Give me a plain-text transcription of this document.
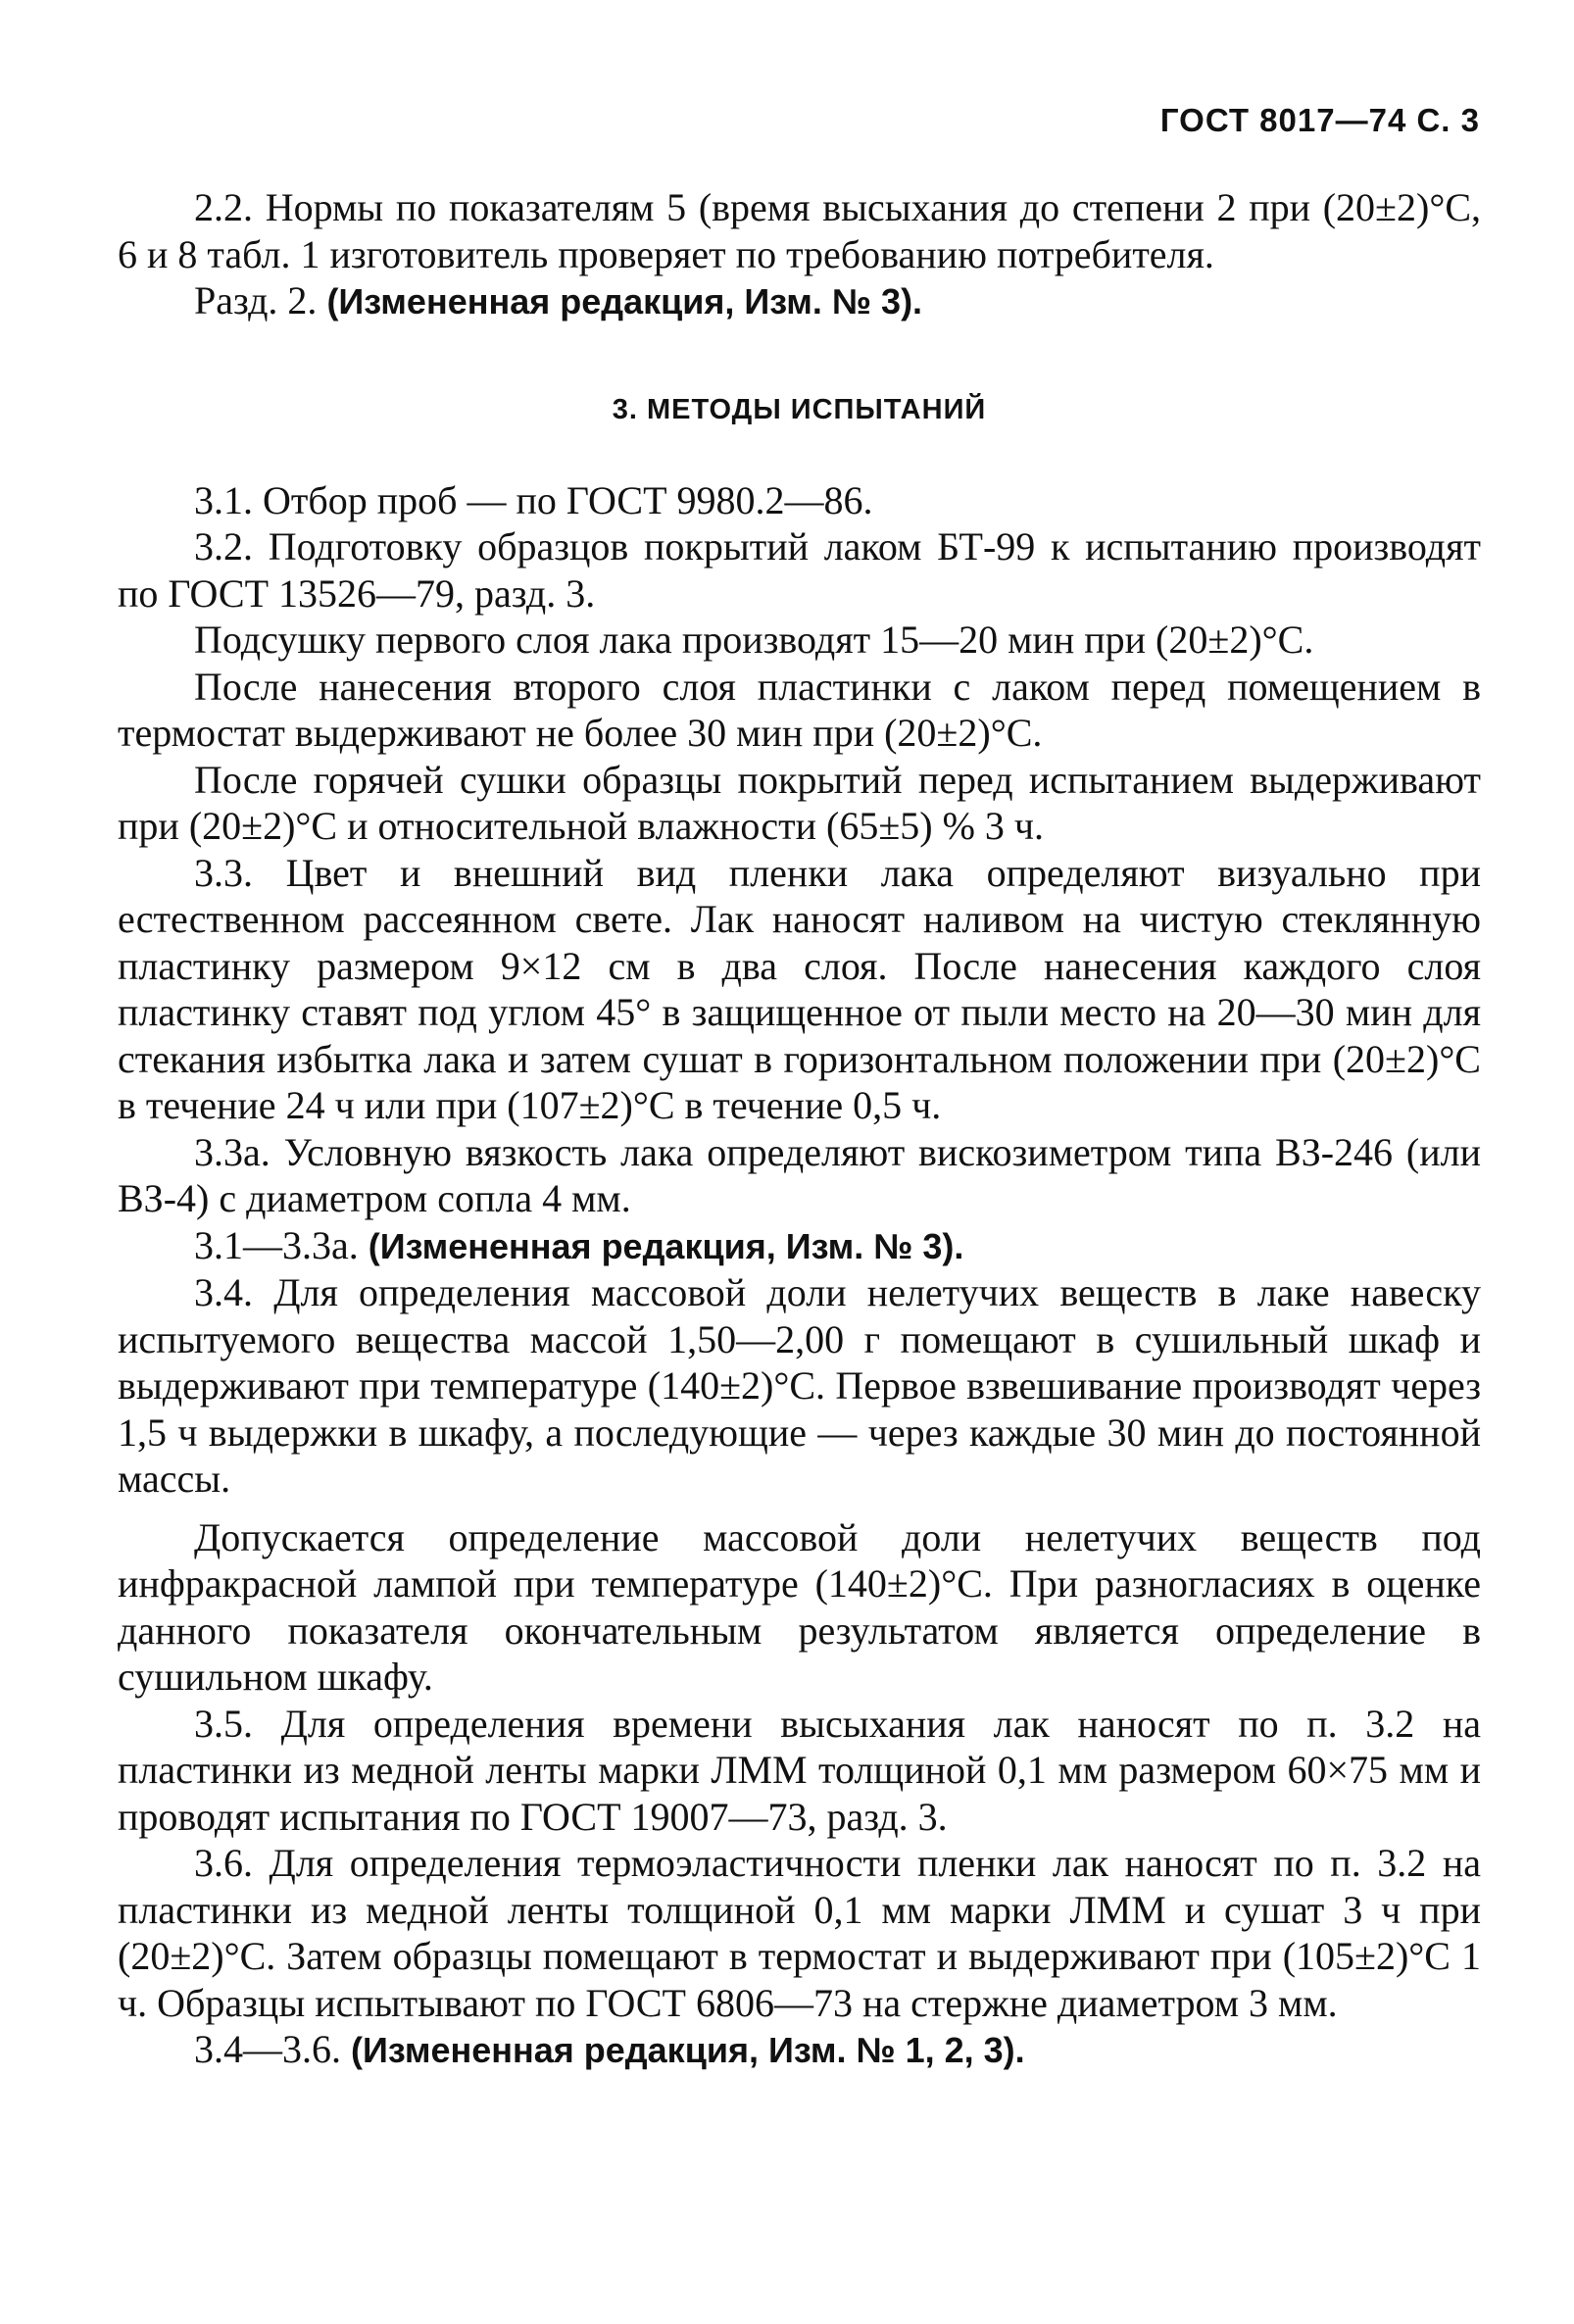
ГОСТ 8017—74 С. 3

2.2. Нормы по показателям 5 (время высыхания до степени 2 при (20±2)°С, 6 и 8 табл. 1 изготовитель проверяет по требованию потребителя.

Разд. 2. (Измененная редакция, Изм. № 3).

3. МЕТОДЫ ИСПЫТАНИЙ

3.1. Отбор проб — по ГОСТ 9980.2—86.

3.2. Подготовку образцов покрытий лаком БТ-99 к испытанию производят по ГОСТ 13526—79, разд. 3.

Подсушку первого слоя лака производят 15—20 мин при (20±2)°С.

После нанесения второго слоя пластинки с лаком перед помещением в термостат выдерживают не более 30 мин при (20±2)°С.

После горячей сушки образцы покрытий перед испытанием выдерживают при (20±2)°С и относительной влажности (65±5) % 3 ч.

3.3. Цвет и внешний вид пленки лака определяют визуально при естественном рассеянном свете. Лак наносят наливом на чистую стеклянную пластинку размером 9×12 см в два слоя. После нанесения каждого слоя пластинку ставят под углом 45° в защищенное от пыли место на 20—30 мин для стекания избытка лака и затем сушат в горизонтальном положении при (20±2)°С в течение 24 ч или при (107±2)°С в течение 0,5 ч.

3.3а. Условную вязкость лака определяют вискозиметром типа ВЗ-246 (или ВЗ-4) с диаметром сопла 4 мм.

3.1—3.3а. (Измененная редакция, Изм. № 3).

3.4. Для определения массовой доли нелетучих веществ в лаке навеску испытуемого вещества массой 1,50—2,00 г помещают в сушильный шкаф и выдерживают при температуре (140±2)°С. Первое взвешивание производят через 1,5 ч выдержки в шкафу, а последующие — через каждые 30 мин до постоянной массы.

Допускается определение массовой доли нелетучих веществ под инфракрасной лампой при температуре (140±2)°С. При разногласиях в оценке данного показателя окончательным результатом является определение в сушильном шкафу.

3.5. Для определения времени высыхания лак наносят по п. 3.2 на пластинки из медной ленты марки ЛММ толщиной 0,1 мм размером 60×75 мм и проводят испытания по ГОСТ 19007—73, разд. 3.

3.6. Для определения термоэластичности пленки лак наносят по п. 3.2 на пластинки из медной ленты толщиной 0,1 мм марки ЛММ и сушат 3 ч при (20±2)°С. Затем образцы помещают в термостат и выдерживают при (105±2)°С 1 ч. Образцы испытывают по ГОСТ 6806—73 на стержне диаметром 3 мм.

3.4—3.6. (Измененная редакция, Изм. № 1, 2, 3).
